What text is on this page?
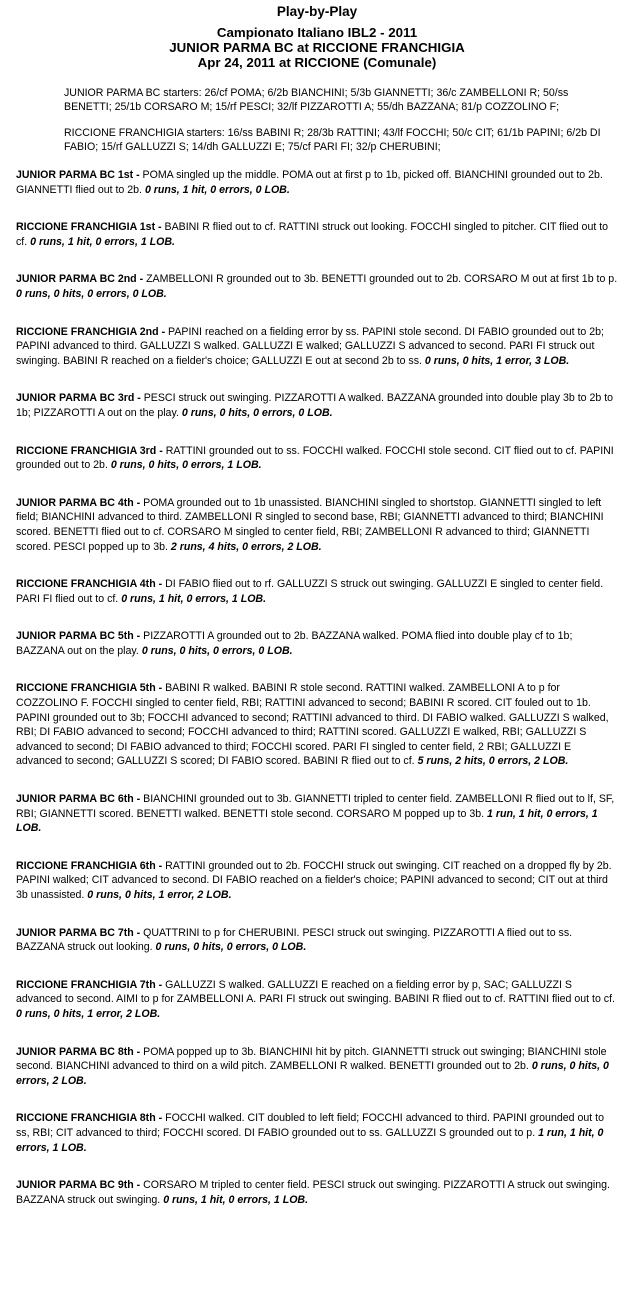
Play-by-Play
Campionato Italiano IBL2 - 2011
JUNIOR PARMA BC at RICCIONE FRANCHIGIA
Apr 24, 2011 at RICCIONE (Comunale)

JUNIOR PARMA BC starters: 26/cf POMA; 6/2b BIANCHINI; 5/3b GIANNETTI; 36/c ZAMBELLONI R; 50/ss BENETTI; 25/1b CORSARO M; 15/rf PESCI; 32/lf PIZZAROTTI A; 55/dh BAZZANA; 81/p COZZOLINO F;

RICCIONE FRANCHIGIA starters: 16/ss BABINI R; 28/3b RATTINI; 43/lf FOCCHI; 50/c CIT; 61/1b PAPINI; 6/2b DI FABIO; 15/rf GALLUZZI S; 14/dh GALLUZZI E; 75/cf PARI FI; 32/p CHERUBINI;

JUNIOR PARMA BC 1st - POMA singled up the middle. POMA out at first p to 1b, picked off. BIANCHINI grounded out to 2b. GIANNETTI flied out to 2b. 0 runs, 1 hit, 0 errors, 0 LOB.

RICCIONE FRANCHIGIA 1st - BABINI R flied out to cf. RATTINI struck out looking. FOCCHI singled to pitcher. CIT flied out to cf. 0 runs, 1 hit, 0 errors, 1 LOB.

JUNIOR PARMA BC 2nd - ZAMBELLONI R grounded out to 3b. BENETTI grounded out to 2b. CORSARO M out at first 1b to p. 0 runs, 0 hits, 0 errors, 0 LOB.

RICCIONE FRANCHIGIA 2nd - PAPINI reached on a fielding error by ss. PAPINI stole second. DI FABIO grounded out to 2b; PAPINI advanced to third. GALLUZZI S walked. GALLUZZI E walked; GALLUZZI S advanced to second. PARI FI struck out swinging. BABINI R reached on a fielder's choice; GALLUZZI E out at second 2b to ss. 0 runs, 0 hits, 1 error, 3 LOB.

JUNIOR PARMA BC 3rd - PESCI struck out swinging. PIZZAROTTI A walked. BAZZANA grounded into double play 3b to 2b to 1b; PIZZAROTTI A out on the play. 0 runs, 0 hits, 0 errors, 0 LOB.

RICCIONE FRANCHIGIA 3rd - RATTINI grounded out to ss. FOCCHI walked. FOCCHI stole second. CIT flied out to cf. PAPINI grounded out to 2b. 0 runs, 0 hits, 0 errors, 1 LOB.

JUNIOR PARMA BC 4th - POMA grounded out to 1b unassisted. BIANCHINI singled to shortstop. GIANNETTI singled to left field; BIANCHINI advanced to third. ZAMBELLONI R singled to second base, RBI; GIANNETTI advanced to third; BIANCHINI scored. BENETTI flied out to cf. CORSARO M singled to center field, RBI; ZAMBELLONI R advanced to third; GIANNETTI scored. PESCI popped up to 3b. 2 runs, 4 hits, 0 errors, 2 LOB.

RICCIONE FRANCHIGIA 4th - DI FABIO flied out to rf. GALLUZZI S struck out swinging. GALLUZZI E singled to center field. PARI FI flied out to cf. 0 runs, 1 hit, 0 errors, 1 LOB.

JUNIOR PARMA BC 5th - PIZZAROTTI A grounded out to 2b. BAZZANA walked. POMA flied into double play cf to 1b; BAZZANA out on the play. 0 runs, 0 hits, 0 errors, 0 LOB.

RICCIONE FRANCHIGIA 5th - BABINI R walked. BABINI R stole second. RATTINI walked. ZAMBELLONI A to p for COZZOLINO F. FOCCHI singled to center field, RBI; RATTINI advanced to second; BABINI R scored. CIT fouled out to 1b. PAPINI grounded out to 3b; FOCCHI advanced to second; RATTINI advanced to third. DI FABIO walked. GALLUZZI S walked, RBI; DI FABIO advanced to second; FOCCHI advanced to third; RATTINI scored. GALLUZZI E walked, RBI; GALLUZZI S advanced to second; DI FABIO advanced to third; FOCCHI scored. PARI FI singled to center field, 2 RBI; GALLUZZI E advanced to second; GALLUZZI S scored; DI FABIO scored. BABINI R flied out to cf. 5 runs, 2 hits, 0 errors, 2 LOB.

JUNIOR PARMA BC 6th - BIANCHINI grounded out to 3b. GIANNETTI tripled to center field. ZAMBELLONI R flied out to lf, SF, RBI; GIANNETTI scored. BENETTI walked. BENETTI stole second. CORSARO M popped up to 3b. 1 run, 1 hit, 0 errors, 1 LOB.

RICCIONE FRANCHIGIA 6th - RATTINI grounded out to 2b. FOCCHI struck out swinging. CIT reached on a dropped fly by 2b. PAPINI walked; CIT advanced to second. DI FABIO reached on a fielder's choice; PAPINI advanced to second; CIT out at third 3b unassisted. 0 runs, 0 hits, 1 error, 2 LOB.

JUNIOR PARMA BC 7th - QUATTRINI to p for CHERUBINI. PESCI struck out swinging. PIZZAROTTI A flied out to ss. BAZZANA struck out looking. 0 runs, 0 hits, 0 errors, 0 LOB.

RICCIONE FRANCHIGIA 7th - GALLUZZI S walked. GALLUZZI E reached on a fielding error by p, SAC; GALLUZZI S advanced to second. AIMI to p for ZAMBELLONI A. PARI FI struck out swinging. BABINI R flied out to cf. RATTINI flied out to cf. 0 runs, 0 hits, 1 error, 2 LOB.

JUNIOR PARMA BC 8th - POMA popped up to 3b. BIANCHINI hit by pitch. GIANNETTI struck out swinging; BIANCHINI stole second. BIANCHINI advanced to third on a wild pitch. ZAMBELLONI R walked. BENETTI grounded out to 2b. 0 runs, 0 hits, 0 errors, 2 LOB.

RICCIONE FRANCHIGIA 8th - FOCCHI walked. CIT doubled to left field; FOCCHI advanced to third. PAPINI grounded out to ss, RBI; CIT advanced to third; FOCCHI scored. DI FABIO grounded out to ss. GALLUZZI S grounded out to p. 1 run, 1 hit, 0 errors, 1 LOB.

JUNIOR PARMA BC 9th - CORSARO M tripled to center field. PESCI struck out swinging. PIZZAROTTI A struck out swinging. BAZZANA struck out swinging. 0 runs, 1 hit, 0 errors, 1 LOB.
